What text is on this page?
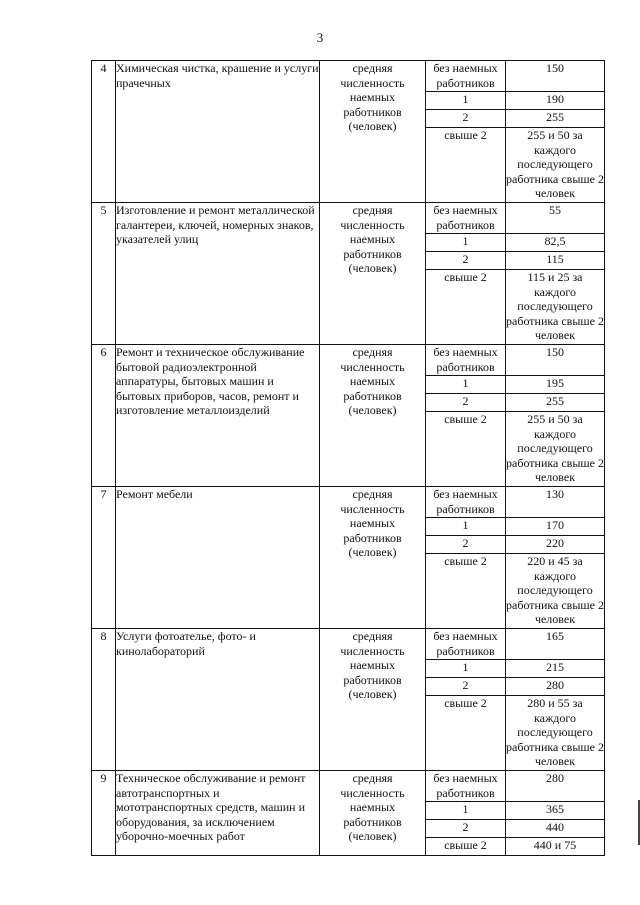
3
4	Химическая чистка, крашение и услуги прачечных	средняя численность наемных работников (человек)	без наемных работников	150
			1	190
			2	255
			свыше 2	255 и 50 за каждого последующего работника свыше 2 человек
5	Изготовление и ремонт металлической галантереи, ключей, номерных знаков, указателей улиц	средняя численность наемных работников (человек)	без наемных работников	55
			1	82,5
			2	115
			свыше 2	115 и 25 за каждого последующего работника свыше 2 человек
6	Ремонт и техническое обслуживание бытовой радиоэлектронной аппаратуры, бытовых машин и бытовых приборов, часов, ремонт и изготовление металлоизделий	средняя численность наемных работников (человек)	без наемных работников	150
			1	195
			2	255
			свыше 2	255 и 50 за каждого последующего работника свыше 2 человек
7	Ремонт мебели	средняя численность наемных работников (человек)	без наемных работников	130
			1	170
			2	220
			свыше 2	220 и 45 за каждого последующего работника свыше 2 человек
8	Услуги фотоателье, фото- и кинолабораторий	средняя численность наемных работников (человек)	без наемных работников	165
			1	215
			2	280
			свыше 2	280 и 55 за каждого последующего работника свыше 2 человек
9	Техническое обслуживание и ремонт автотранспортных и мототранспортных средств, машин и оборудования, за исключением уборочно-моечных работ	средняя численность наемных работников (человек)	без наемных работников	280
			1	365
			2	440
			свыше 2	440 и 75
